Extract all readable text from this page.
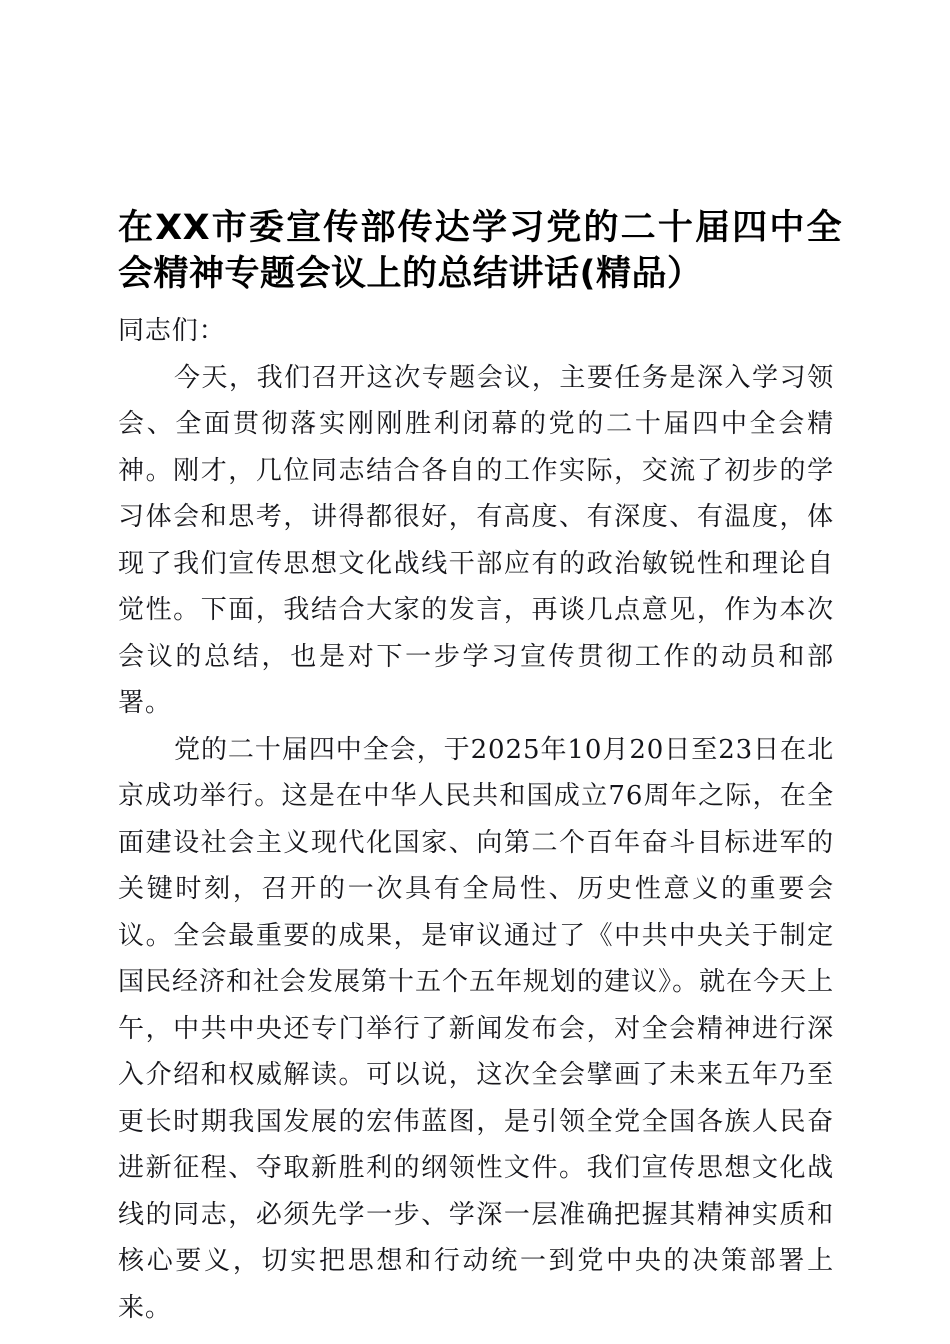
在XX市委宣传部传达学习党的二十届四中全会精神专题会议上的总结讲话(精品）

同志们：

今天，我们召开这次专题会议，主要任务是深入学习领会、全面贯彻落实刚刚胜利闭幕的党的二十届四中全会精神。刚才，几位同志结合各自的工作实际，交流了初步的学习体会和思考，讲得都很好，有高度、有深度、有温度，体现了我们宣传思想文化战线干部应有的政治敏锐性和理论自觉性。下面，我结合大家的发言，再谈几点意见，作为本次会议的总结，也是对下一步学习宣传贯彻工作的动员和部署。

党的二十届四中全会，于2025年10月20日至23日在北京成功举行。这是在中华人民共和国成立76周年之际，在全面建设社会主义现代化国家、向第二个百年奋斗目标进军的关键时刻，召开的一次具有全局性、历史性意义的重要会议。全会最重要的成果，是审议通过了《中共中央关于制定国民经济和社会发展第十五个五年规划的建议》。就在今天上午，中共中央还专门举行了新闻发布会，对全会精神进行深入介绍和权威解读。可以说，这次全会擘画了未来五年乃至更长时期我国发展的宏伟蓝图，是引领全党全国各族人民奋进新征程、夺取新胜利的纲领性文件。我们宣传思想文化战线的同志，必须先学一步、学深一层准确把握其精神实质和核心要义，切实把思想和行动统一到党中央的决策部署上来。
